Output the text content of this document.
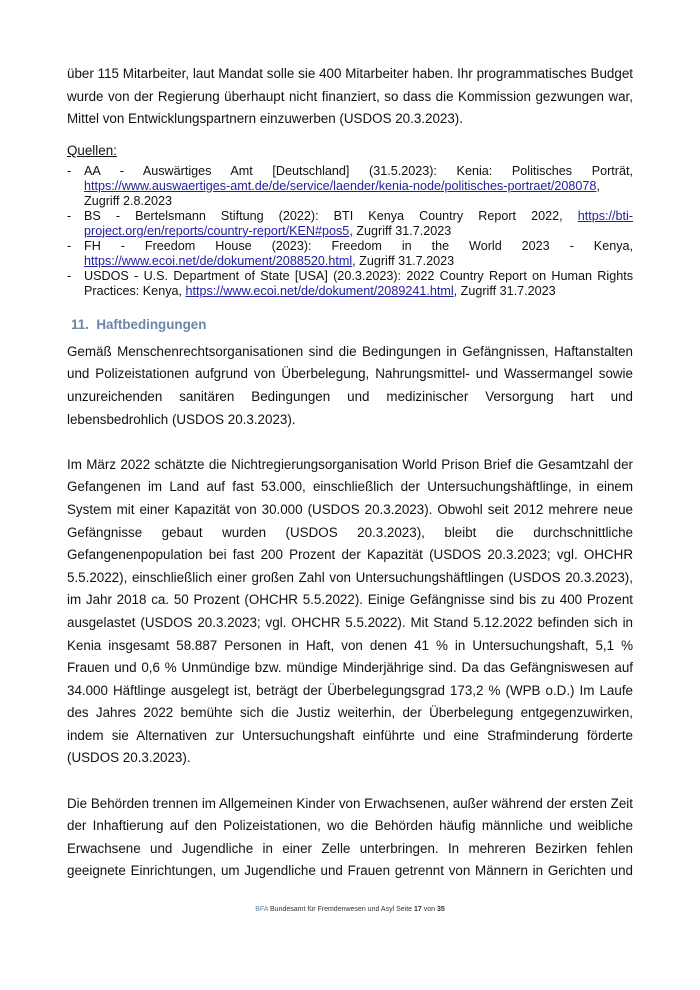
über 115 Mitarbeiter, laut Mandat solle sie 400 Mitarbeiter haben. Ihr programmatisches Budget wurde von der Regierung überhaupt nicht finanziert, so dass die Kommission gezwungen war, Mittel von Entwicklungspartnern einzuwerben (USDOS 20.3.2023).

Quellen:
- AA - Auswärtiges Amt [Deutschland] (31.5.2023): Kenia: Politisches Porträt, https://www.auswaertiges-amt.de/de/service/laender/kenia-node/politisches-portraet/208078, Zugriff 2.8.2023
- BS - Bertelsmann Stiftung (2022): BTI Kenya Country Report 2022, https://bti-project.org/en/reports/country-report/KEN#pos5, Zugriff 31.7.2023
- FH - Freedom House (2023): Freedom in the World 2023 - Kenya, https://www.ecoi.net/de/dokument/2088520.html, Zugriff 31.7.2023
- USDOS - U.S. Department of State [USA] (20.3.2023): 2022 Country Report on Human Rights Practices: Kenya, https://www.ecoi.net/de/dokument/2089241.html, Zugriff 31.7.2023
11.  Haftbedingungen

Gemäß Menschenrechtsorganisationen sind die Bedingungen in Gefängnissen, Haftanstalten und Polizeistationen aufgrund von Überbelegung, Nahrungsmittel- und Wassermangel sowie unzureichenden sanitären Bedingungen und medizinischer Versorgung hart und lebensbedrohlich (USDOS 20.3.2023).

Im März 2022 schätzte die Nichtregierungsorganisation World Prison Brief die Gesamtzahl der Gefangenen im Land auf fast 53.000, einschließlich der Untersuchungshäftlinge, in einem System mit einer Kapazität von 30.000 (USDOS 20.3.2023). Obwohl seit 2012 mehrere neue Gefängnisse gebaut wurden (USDOS 20.3.2023), bleibt die durchschnittliche Gefangenenpopulation bei fast 200 Prozent der Kapazität (USDOS 20.3.2023; vgl. OHCHR 5.5.2022), einschließlich einer großen Zahl von Untersuchungshäftlingen (USDOS 20.3.2023), im Jahr 2018 ca. 50 Prozent (OHCHR 5.5.2022). Einige Gefängnisse sind bis zu 400 Prozent ausgelastet (USDOS 20.3.2023; vgl. OHCHR 5.5.2022). Mit Stand 5.12.2022 befinden sich in Kenia insgesamt 58.887 Personen in Haft, von denen 41 % in Untersuchungshaft, 5,1 % Frauen und 0,6 % Unmündige bzw. mündige Minderjährige sind. Da das Gefängniswesen auf 34.000 Häftlinge ausgelegt ist, beträgt der Überbelegungsgrad 173,2 % (WPB o.D.) Im Laufe des Jahres 2022 bemühte sich die Justiz weiterhin, der Überbelegung entgegenzuwirken, indem sie Alternativen zur Untersuchungshaft einführte und eine Strafminderung förderte (USDOS 20.3.2023).

Die Behörden trennen im Allgemeinen Kinder von Erwachsenen, außer während der ersten Zeit der Inhaftierung auf den Polizeistationen, wo die Behörden häufig männliche und weibliche Erwachsene und Jugendliche in einer Zelle unterbringen. In mehreren Bezirken fehlen geeignete Einrichtungen, um Jugendliche und Frauen getrennt von Männern in Gerichten und

BFA Bundesamt für Fremdenwesen und Asyl Seite 17 von 35
